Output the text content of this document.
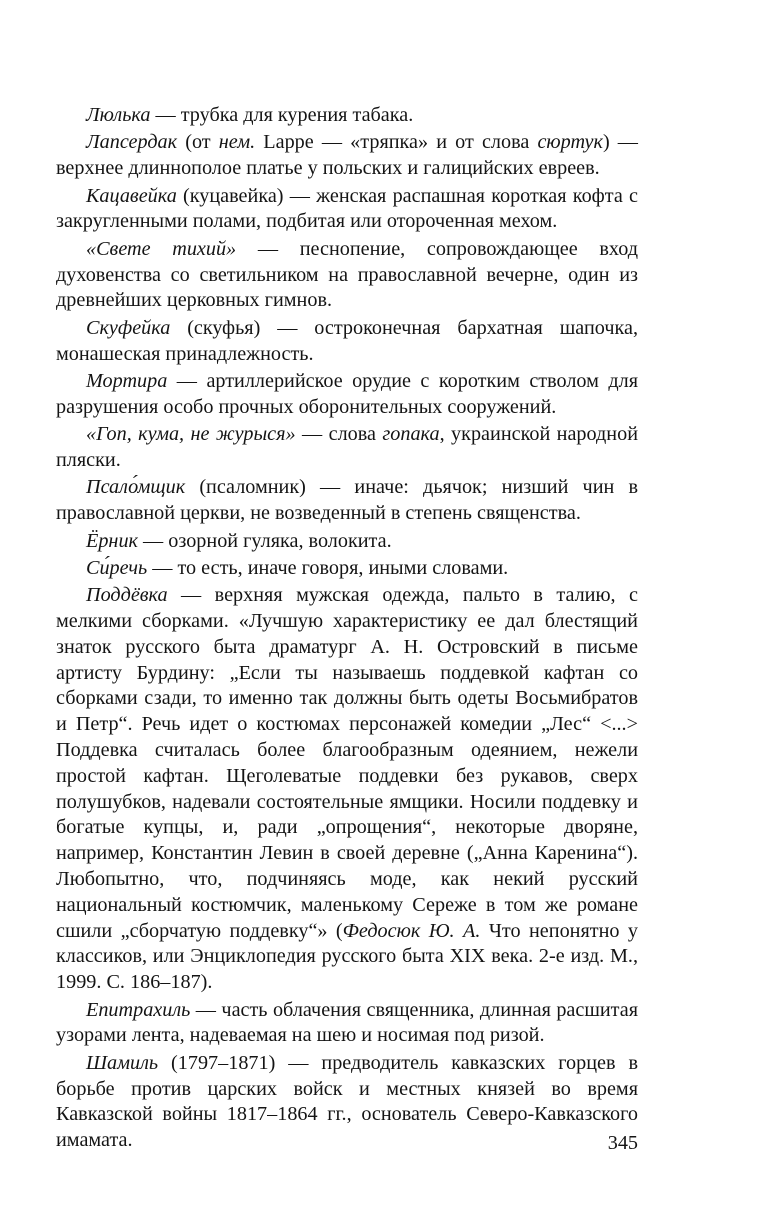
Люлька — трубка для курения табака.

Лапсердак (от нем. Lappe — «тряпка» и от слова сюртук) — верхнее длиннополое платье у польских и галицийских евреев.

Кацавейка (куцавейка) — женская распашная короткая кофта с закругленными полами, подбитая или отороченная мехом.

«Свете тихий» — песнопение, сопровождающее вход духовенства со светильником на православной вечерне, один из древнейших церковных гимнов.

Скуфейка (скуфья) — остроконечная бархатная шапочка, монашеская принадлежность.

Мортира — артиллерийское орудие с коротким стволом для разрушения особо прочных оборонительных сооружений.

«Гоп, кума, не журыся» — слова гопака, украинской народной пляски.

Псало́мщик (псаломник) — иначе: дьячок; низший чин в православной церкви, не возведенный в степень священства.

Ёрник — озорной гуляка, волокита.

Си́речь — то есть, иначе говоря, иными словами.

Поддёвка — верхняя мужская одежда, пальто в талию, с мелкими сборками. «Лучшую характеристику ее дал блестящий знаток русского быта драматург А. Н. Островский в письме артисту Бурдину: „Если ты называешь поддевкой кафтан со сборками сзади, то именно так должны быть одеты Восьмибратов и Петр“. Речь идет о костюмах персонажей комедии „Лес“ <...> Поддевка считалась более благообразным одеянием, нежели простой кафтан. Щеголеватые поддевки без рукавов, сверх полушубков, надевали состоятельные ямщики. Носили поддевку и богатые купцы, и, ради „опрощения“, некоторые дворяне, например, Константин Левин в своей деревне („Анна Каренина“). Любопытно, что, подчиняясь моде, как некий русский национальный костюмчик, маленькому Сереже в том же романе сшили „сборчатую поддевку“» (Федосюк Ю. А. Что непонятно у классиков, или Энциклопедия русского быта XIX века. 2-е изд. М., 1999. С. 186–187).

Епитрахиль — часть облачения священника, длинная расшитая узорами лента, надеваемая на шею и носимая под ризой.

Шамиль (1797–1871) — предводитель кавказских горцев в борьбе против царских войск и местных князей во время Кавказской войны 1817–1864 гг., основатель Северо-Кавказского имамата.	345
